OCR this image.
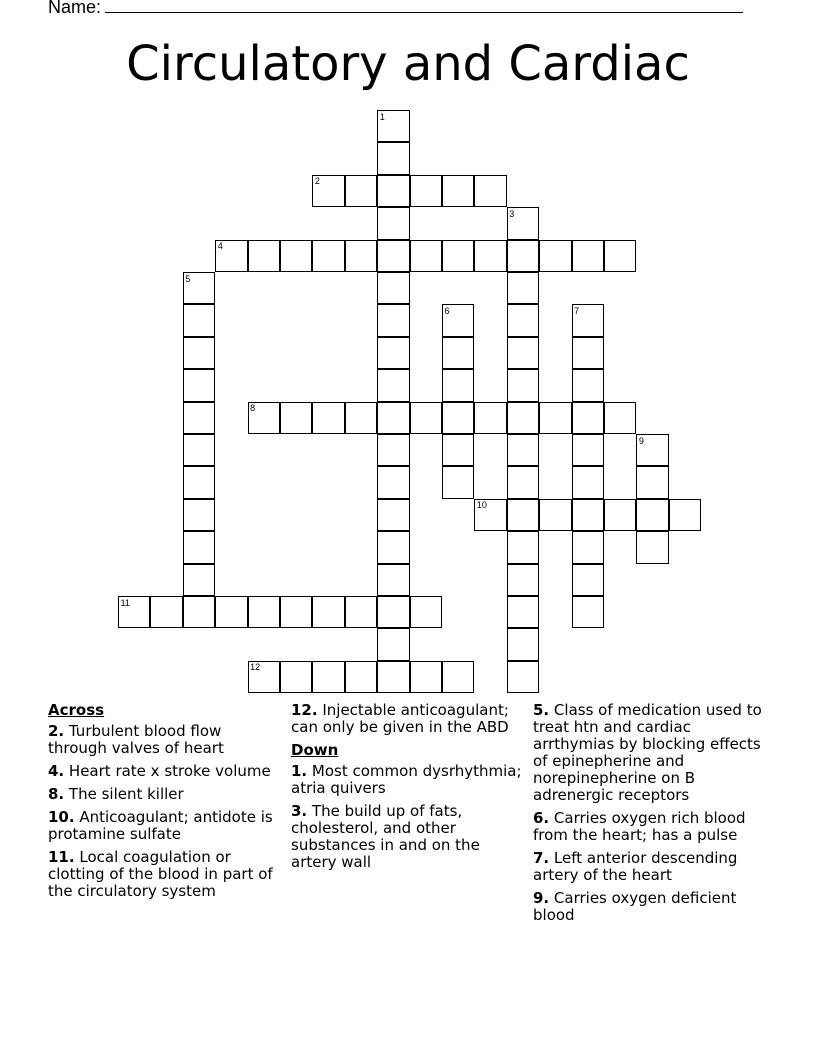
Name:
Circulatory and Cardiac
1
2
3
4
5
6	7
8
9
10
11
12
Across
2. Turbulent blood flow through valves of heart
4. Heart rate x stroke volume
8. The silent killer
10. Anticoagulant; antidote is protamine sulfate
11. Local coagulation or clotting of the blood in part of the circulatory system
12. Injectable anticoagulant; can only be given in the ABD
Down
1. Most common dysrhythmia; atria quivers
3. The build up of fats, cholesterol, and other substances in and on the artery wall
5. Class of medication used to treat htn and cardiac arrthymias by blocking effects of epinepherine and norepinepherine on B adrenergic receptors
6. Carries oxygen rich blood from the heart; has a pulse
7. Left anterior descending artery of the heart
9. Carries oxygen deficient blood
